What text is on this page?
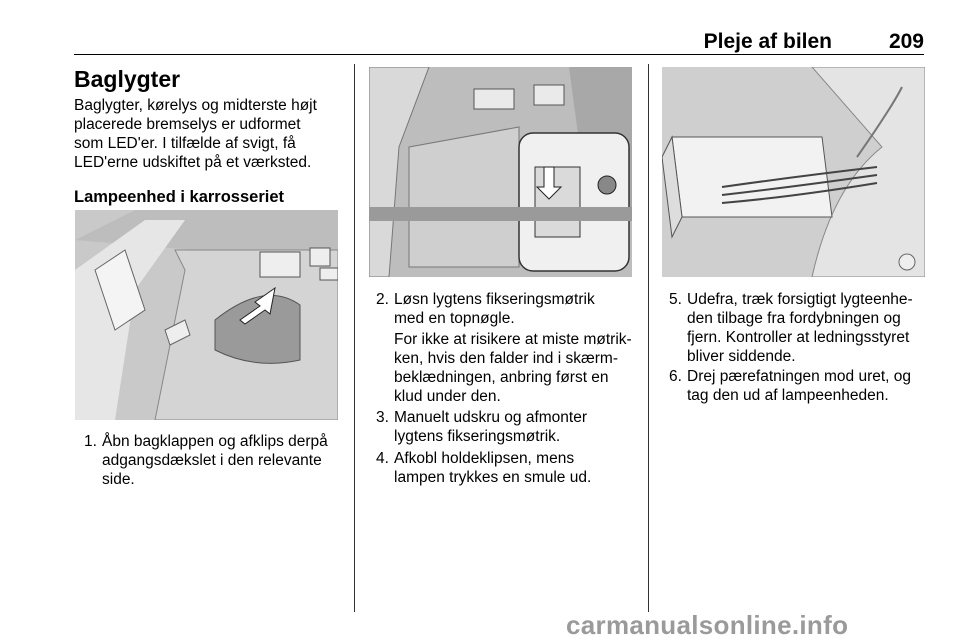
Pleje af bilen	209
Baglygter

Baglygter, kørelys og midterste højt

placerede bremselys er udformet

som LED'er. I tilfælde af svigt, få

LED'erne udskiftet på et værksted.

Lampeenhed i karrosseriet
1. Åbn bagklappen og afklips derpå

adgangsdækslet i den relevante

side.

2. Løsn lygtens fikseringsmøtrik

med en topnøgle.

For ikke at risikere at miste møtrik-

ken, hvis den falder ind i skærm-

beklædningen, anbring først en

klud under den.

3. Manuelt udskru og afmonter

lygtens fikseringsmøtrik.

4. Afkobl holdeklipsen, mens

lampen trykkes en smule ud.

5. Udefra, træk forsigtigt lygteenhe-

den tilbage fra fordybningen og

fjern. Kontroller at ledningsstyret

bliver siddende.

6. Drej pærefatningen mod uret, og

tag den ud af lampeenheden.

carmanualsonline.info
